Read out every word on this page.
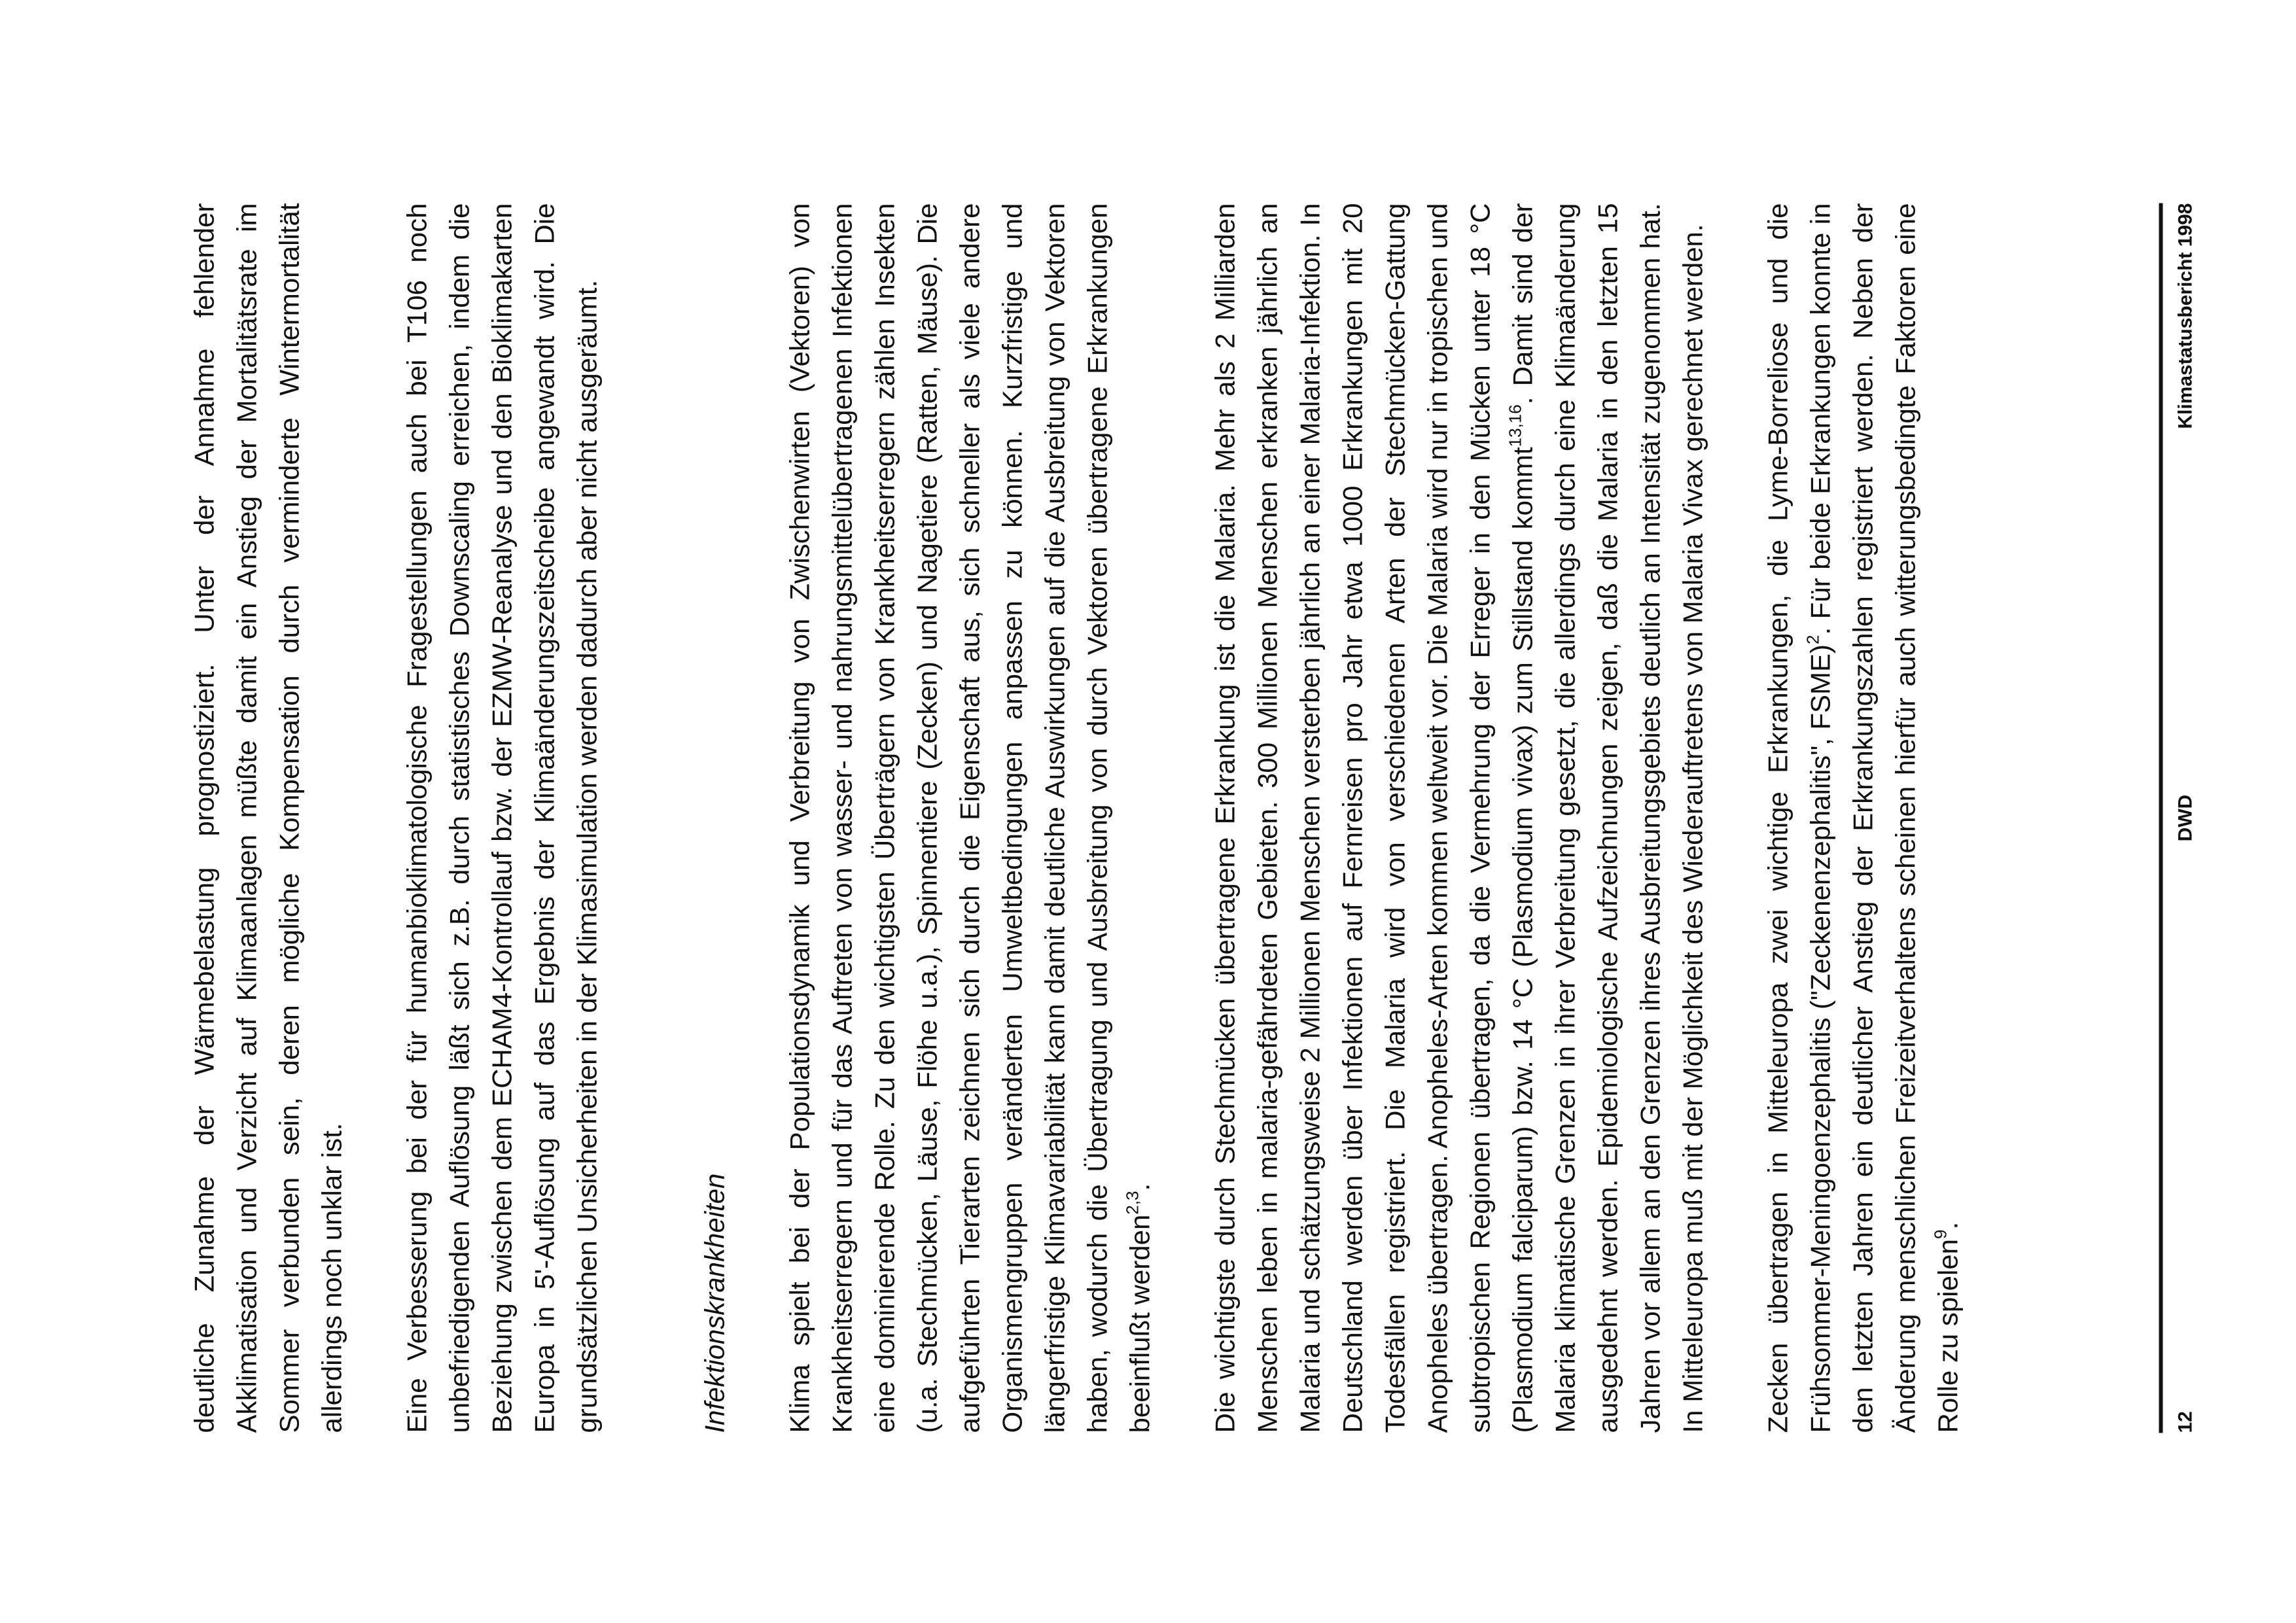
deutliche Zunahme der Wärmebelastung prognostiziert. Unter der Annahme fehlender Akklimatisation und Verzicht auf Klimaanlagen müßte damit ein Anstieg der Mortalitätsrate im Sommer verbunden sein, deren mögliche Kompensation durch verminderte Wintermortalität allerdings noch unklar ist. Eine Verbesserung bei der für humanbioklimatologische Fragestellungen auch bei T106 noch unbefriedigenden Auflösung läßt sich z.B. durch statistisches Downscaling erreichen, indem die Beziehung zwischen dem ECHAM4-Kontrollauf bzw. der EZMW-Reanalyse und den Bioklimakarten Europa in 5'-Auflösung auf das Ergebnis der Klimaänderungszeitscheibe angewandt wird. Die grundsätzlichen Unsicherheiten in der Klimasimulation werden dadurch aber nicht ausgeräumt.	Infektionskrankheiten Klima spielt bei der Populationsdynamik und Verbreitung von Zwischenwirten (Vektoren) von Krankheitserregern und für das Auftreten von wasser- und nahrungsmittelübertragenen Infektionen eine dominierende Rolle. Zu den wichtigsten Überträgern von Krankheitserregern zählen Insekten (u.a. Stechmücken, Läuse, Flöhe u.a.), Spinnentiere (Zecken) und Nagetiere (Ratten, Mäuse). Die aufgeführten Tierarten zeichnen sich durch die Eigenschaft aus, sich schneller als viele andere Organismengruppen veränderten Umweltbedingungen anpassen zu können. Kurzfristige und längerfristige Klimavariabilität kann damit deutliche Auswirkungen auf die Ausbreitung von Vektoren haben, wodurch die Übertragung und Ausbreitung von durch Vektoren übertragene Erkrankungen beeinflußt werden$^{2,3}$. Die wichtigste durch Stechmücken übertragene Erkrankung ist die Malaria. Mehr als 2 Milliarden Menschen leben in malaria-gefährdeten Gebieten. 300 Millionen Menschen erkranken jährlich an Malaria und schätzungsweise 2 Millionen Menschen versterben jährlich an einer Malaria-Infektion. In Deutschland werden über Infektionen auf Fernreisen pro Jahr etwa 1000 Erkrankungen mit 20 Todesfällen registriert. Die Malaria wird von verschiedenen Arten der Stechmücken-Gattung Anopheles übertragen. Anopheles-Arten kommen weltweit vor. Die Malaria wird nur in tropischen und subtropischen Regionen übertragen, da die Vermehrung der Erreger in den Mücken unter 18 °C (Plasmodium falciparum) bzw. 14 °C (Plasmodium vivax) zum Stillstand kommt$^{13,16}$. Damit sind der Malaria klimatische Grenzen in ihrer Verbreitung gesetzt, die allerdings durch eine Klimaänderung ausgedehnt werden. Epidemiologische Aufzeichnungen zeigen, daß die Malaria in den letzten 15 Jahren vor allem an den Grenzen ihres Ausbreitungsgebiets deutlich an Intensität zugenommen hat. In Mitteleuropa muß mit der Möglichkeit des Wiederauftretens von Malaria Vivax gerechnet werden. Zecken übertragen in Mitteleuropa zwei wichtige Erkrankungen, die Lyme-Borreliose und die Frühsommer-Meningoenzephalitis ("Zeckenenzephalitis", FSME)$^2$. Für beide Erkrankungen konnte in den letzten Jahren ein deutlicher Anstieg der Erkrankungszahlen registriert werden. Neben der Änderung menschlichen Freizeitverhaltens scheinen hierfür auch witterungsbedingte Faktoren eine Rolle zu spielen$^9$.

12
DWD
Klimastatusbericht 1998
